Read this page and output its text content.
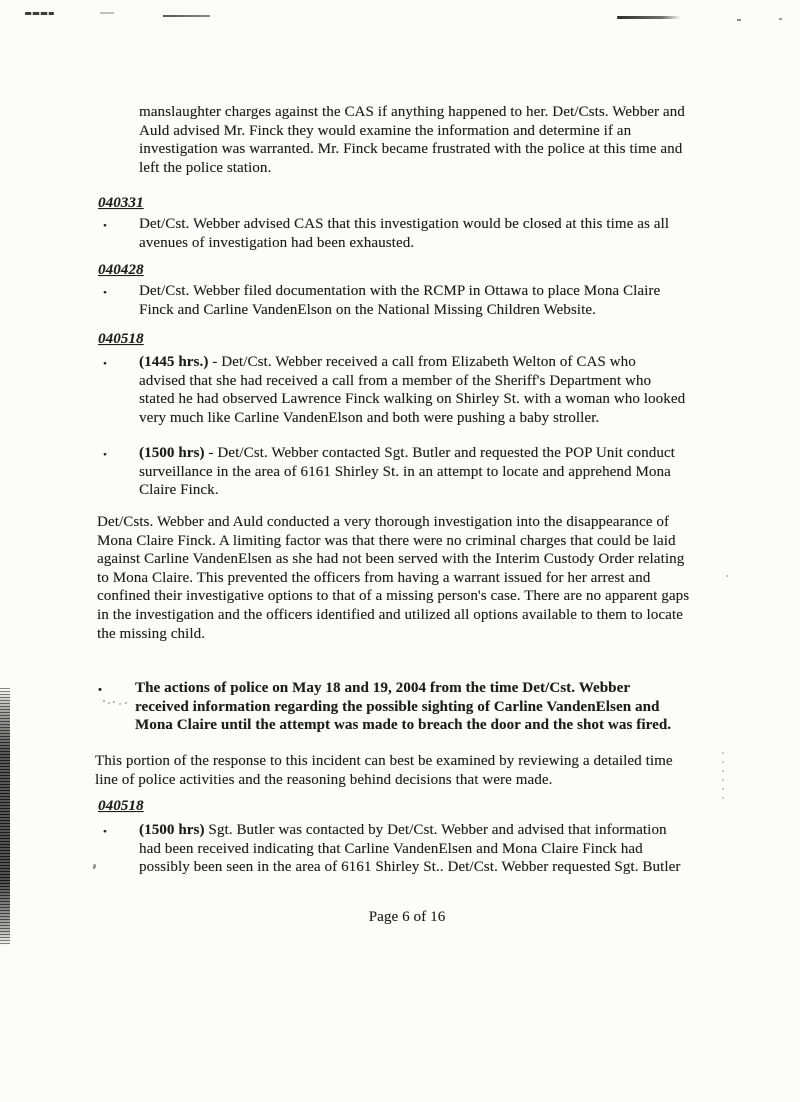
manslaughter charges against the CAS if anything happened to her. Det/Csts. Webber and
Auld advised Mr. Finck they would examine the information and determine if an
investigation was warranted. Mr. Finck became frustrated with the police at this time and
left the police station.
040331
• Det/Cst. Webber advised CAS that this investigation would be closed at this time as all
avenues of investigation had been exhausted.
040428
• Det/Cst. Webber filed documentation with the RCMP in Ottawa to place Mona Claire
Finck and Carline VandenElson on the National Missing Children Website.
040518
• (1445 hrs.) - Det/Cst. Webber received a call from Elizabeth Welton of CAS who
advised that she had received a call from a member of the Sheriff's Department who
stated he had observed Lawrence Finck walking on Shirley St. with a woman who looked
very much like Carline VandenElson and both were pushing a baby stroller.
• (1500 hrs) - Det/Cst. Webber contacted Sgt. Butler and requested the POP Unit conduct
surveillance in the area of 6161 Shirley St. in an attempt to locate and apprehend Mona
Claire Finck.
Det/Csts. Webber and Auld conducted a very thorough investigation into the disappearance of
Mona Claire Finck. A limiting factor was that there were no criminal charges that could be laid
against Carline VandenElsen as she had not been served with the Interim Custody Order relating
to Mona Claire. This prevented the officers from having a warrant issued for her arrest and
confined their investigative options to that of a missing person's case. There are no apparent gaps
in the investigation and the officers identified and utilized all options available to them to locate
the missing child.
• The actions of police on May 18 and 19, 2004 from the time Det/Cst. Webber
received information regarding the possible sighting of Carline VandenElsen and
Mona Claire until the attempt was made to breach the door and the shot was fired.
This portion of the response to this incident can best be examined by reviewing a detailed time
line of police activities and the reasoning behind decisions that were made.
040518
• (1500 hrs) Sgt. Butler was contacted by Det/Cst. Webber and advised that information
had been received indicating that Carline VandenElsen and Mona Claire Finck had
possibly been seen in the area of 6161 Shirley St.. Det/Cst. Webber requested Sgt. Butler
Page 6 of 16
